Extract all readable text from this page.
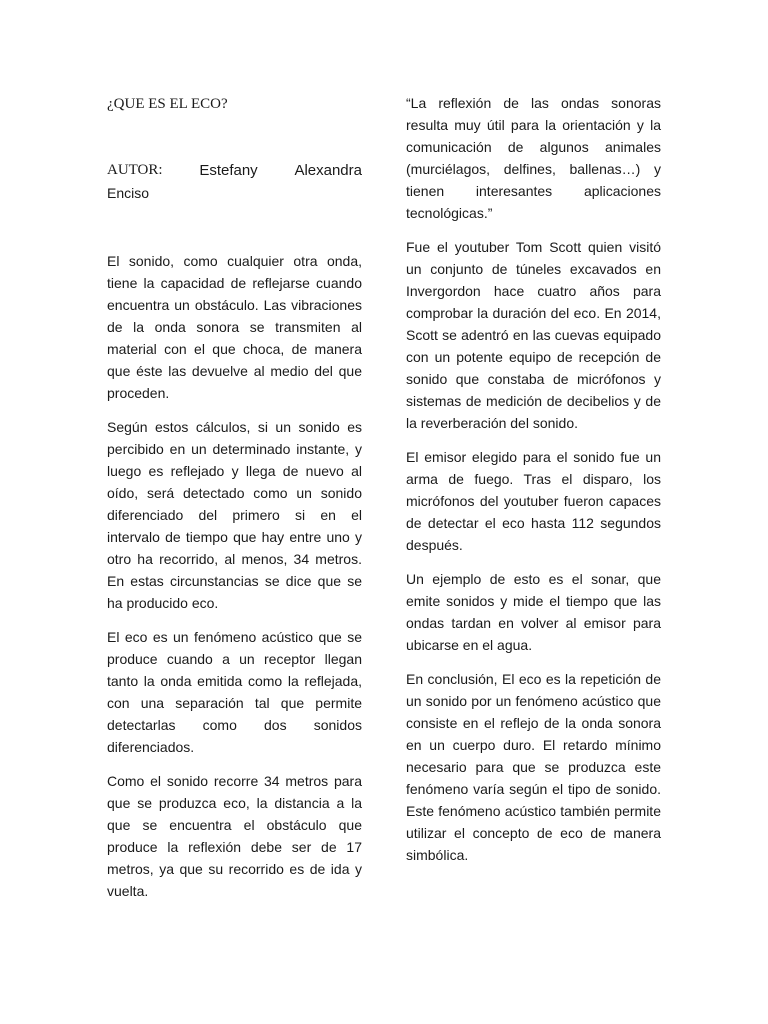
¿QUE ES EL ECO?
AUTOR: Estefany Alexandra
Enciso

El sonido, como cualquier otra onda, tiene la capacidad de reflejarse cuando encuentra un obstáculo. Las vibraciones de la onda sonora se transmiten al material con el que choca, de manera que éste las devuelve al medio del que proceden.

Según estos cálculos, si un sonido es percibido en un determinado instante, y luego es reflejado y llega de nuevo al oído, será detectado como un sonido diferenciado del primero si en el intervalo de tiempo que hay entre uno y otro ha recorrido, al menos, 34 metros. En estas circunstancias se dice que se ha producido eco.

El eco es un fenómeno acústico que se produce cuando a un receptor llegan tanto la onda emitida como la reflejada, con una separación tal que permite detectarlas como dos sonidos diferenciados.

Como el sonido recorre 34 metros para que se produzca eco, la distancia a la que se encuentra el obstáculo que produce la reflexión debe ser de 17 metros, ya que su recorrido es de ida y vuelta.

“La reflexión de las ondas sonoras resulta muy útil para la orientación y la comunicación de algunos animales (murciélagos, delfines, ballenas…) y tienen interesantes aplicaciones tecnológicas.”

Fue el youtuber Tom Scott quien visitó un conjunto de túneles excavados en Invergordon hace cuatro años para comprobar la duración del eco. En 2014, Scott se adentró en las cuevas equipado con un potente equipo de recepción de sonido que constaba de micrófonos y sistemas de medición de decibelios y de la reverberación del sonido.

El emisor elegido para el sonido fue un arma de fuego. Tras el disparo, los micrófonos del youtuber fueron capaces de detectar el eco hasta 112 segundos después.

Un ejemplo de esto es el sonar, que emite sonidos y mide el tiempo que las ondas tardan en volver al emisor para ubicarse en el agua.

En conclusión, El eco es la repetición de un sonido por un fenómeno acústico que consiste en el reflejo de la onda sonora en un cuerpo duro. El retardo mínimo necesario para que se produzca este fenómeno varía según el tipo de sonido. Este fenómeno acústico también permite utilizar el concepto de eco de manera simbólica.
